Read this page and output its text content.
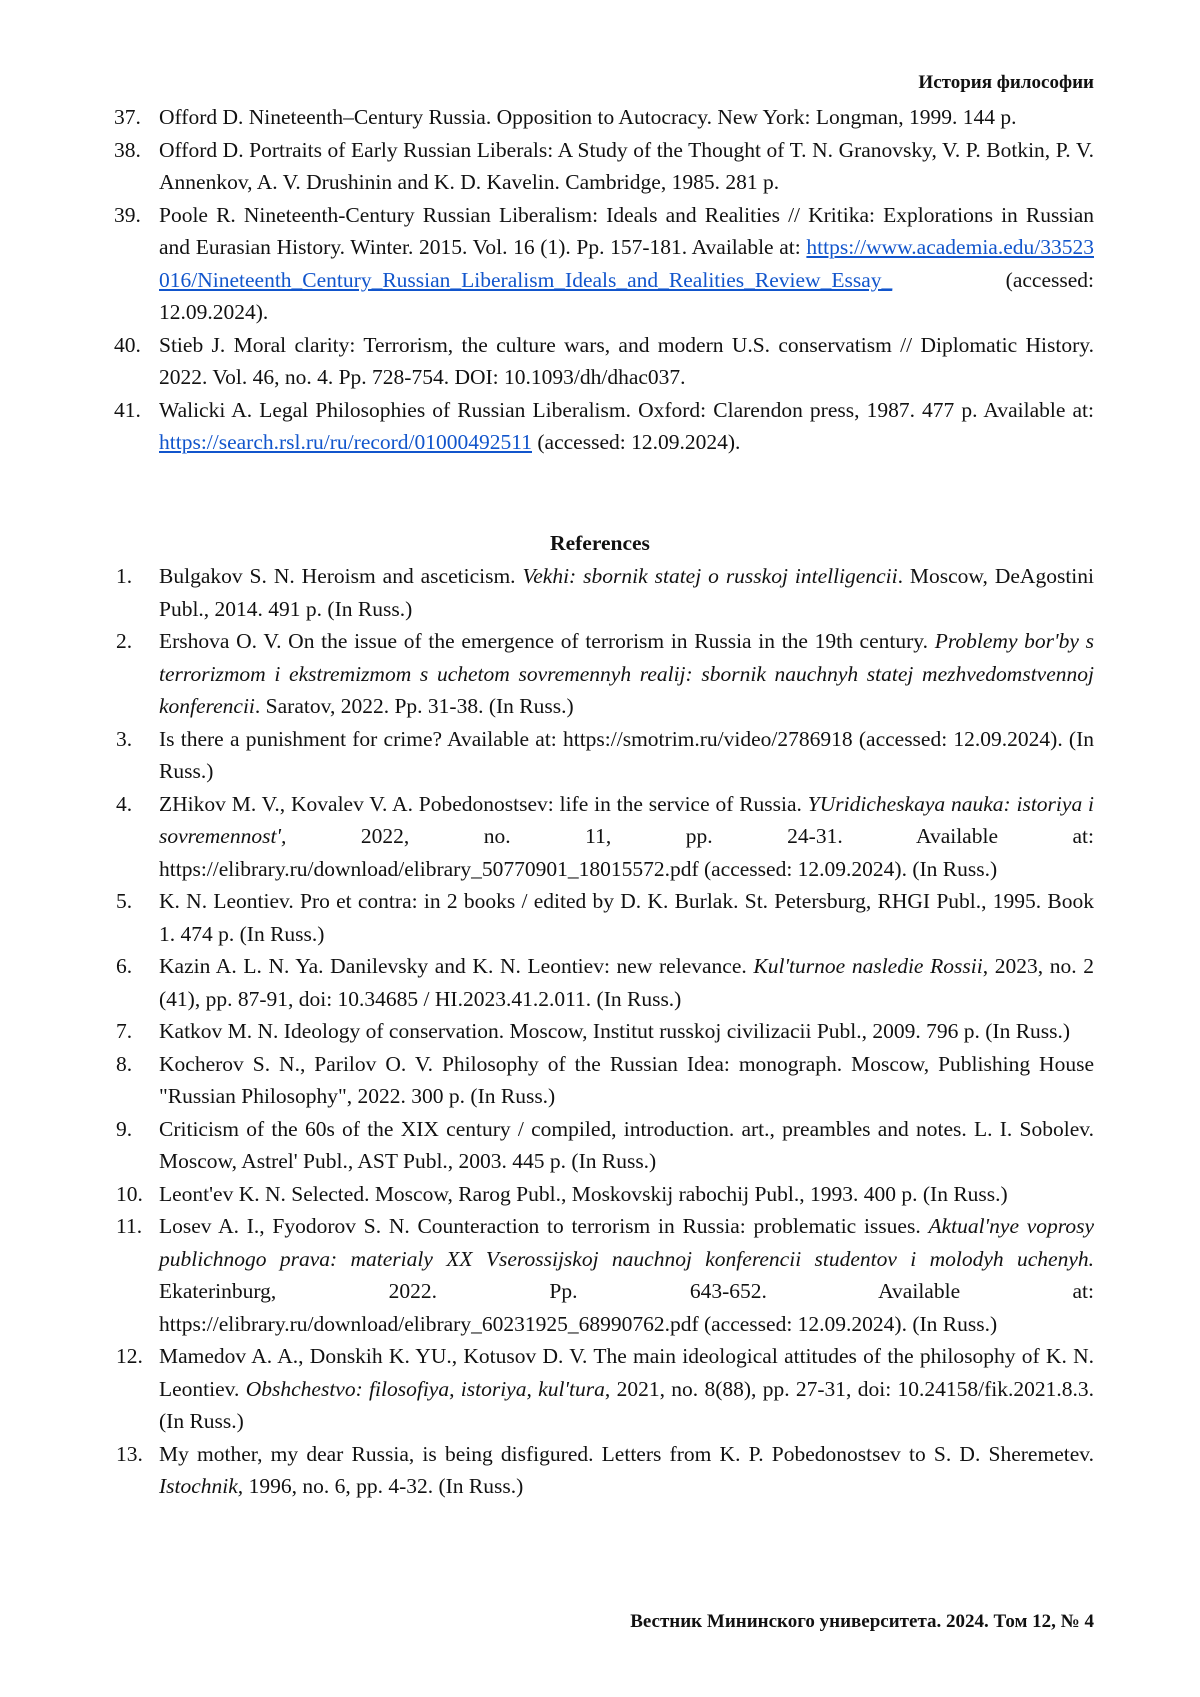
История философии
37. Offord D. Nineteenth–Century Russia. Opposition to Autocracy. New York: Longman, 1999. 144 p.
38. Offord D. Portraits of Early Russian Liberals: A Study of the Thought of T. N. Granovsky, V. P. Botkin, P. V. Annenkov, A. V. Drushinin and K. D. Kavelin. Cambridge, 1985. 281 p.
39. Poole R. Nineteenth-Century Russian Liberalism: Ideals and Realities // Kritika: Explorations in Russian and Eurasian History. Winter. 2015. Vol. 16 (1). Pp. 157-181. Available at: https://www.academia.edu/33523016/Nineteenth_Century_Russian_Liberalism_Ideals_and_Realities_Review_Essay_ (accessed: 12.09.2024).
40. Stieb J. Moral clarity: Terrorism, the culture wars, and modern U.S. conservatism // Diplomatic History. 2022. Vol. 46, no. 4. Pp. 728-754. DOI: 10.1093/dh/dhac037.
41. Walicki A. Legal Philosophies of Russian Liberalism. Oxford: Clarendon press, 1987. 477 p. Available at: https://search.rsl.ru/ru/record/01000492511 (accessed: 12.09.2024).
References
1. Bulgakov S. N. Heroism and asceticism. Vekhi: sbornik statej o russkoj intelligencii. Moscow, DeAgostini Publ., 2014. 491 p. (In Russ.)
2. Ershova O. V. On the issue of the emergence of terrorism in Russia in the 19th century. Problemy bor'by s terrorizmom i ekstremizmom s uchetom sovremennyh realij: sbornik nauchnyh statej mezhvedomstvennoj konferencii. Saratov, 2022. Pp. 31-38. (In Russ.)
3. Is there a punishment for crime? Available at: https://smotrim.ru/video/2786918 (accessed: 12.09.2024). (In Russ.)
4. ZHikov M. V., Kovalev V. A. Pobedonostsev: life in the service of Russia. YUridicheskaya nauka: istoriya i sovremennost', 2022, no. 11, pp. 24-31. Available at: https://elibrary.ru/download/elibrary_50770901_18015572.pdf (accessed: 12.09.2024). (In Russ.)
5. K. N. Leontiev. Pro et contra: in 2 books / edited by D. K. Burlak. St. Petersburg, RHGI Publ., 1995. Book 1. 474 p. (In Russ.)
6. Kazin A. L. N. Ya. Danilevsky and K. N. Leontiev: new relevance. Kul'turnoe nasledie Rossii, 2023, no. 2 (41), pp. 87-91, doi: 10.34685 / HI.2023.41.2.011. (In Russ.)
7. Katkov M. N. Ideology of conservation. Moscow, Institut russkoj civilizacii Publ., 2009. 796 p. (In Russ.)
8. Kocherov S. N., Parilov O. V. Philosophy of the Russian Idea: monograph. Moscow, Publishing House "Russian Philosophy", 2022. 300 p. (In Russ.)
9. Criticism of the 60s of the XIX century / compiled, introduction. art., preambles and notes. L. I. Sobolev. Moscow, Astrel' Publ., AST Publ., 2003. 445 p. (In Russ.)
10. Leont'ev K. N. Selected. Moscow, Rarog Publ., Moskovskij rabochij Publ., 1993. 400 p. (In Russ.)
11. Losev A. I., Fyodorov S. N. Counteraction to terrorism in Russia: problematic issues. Aktual'nye voprosy publichnogo prava: materialy XX Vserossijskoj nauchnoj konferencii studentov i molodyh uchenyh. Ekaterinburg, 2022. Pp. 643-652. Available at: https://elibrary.ru/download/elibrary_60231925_68990762.pdf (accessed: 12.09.2024). (In Russ.)
12. Mamedov A. A., Donskih K. YU., Kotusov D. V. The main ideological attitudes of the philosophy of K. N. Leontiev. Obshchestvo: filosofiya, istoriya, kul'tura, 2021, no. 8(88), pp. 27-31, doi: 10.24158/fik.2021.8.3. (In Russ.)
13. My mother, my dear Russia, is being disfigured. Letters from K. P. Pobedonostsev to S. D. Sheremetev. Istochnik, 1996, no. 6, pp. 4-32. (In Russ.)
Вестник Мининского университета. 2024. Том 12, № 4
